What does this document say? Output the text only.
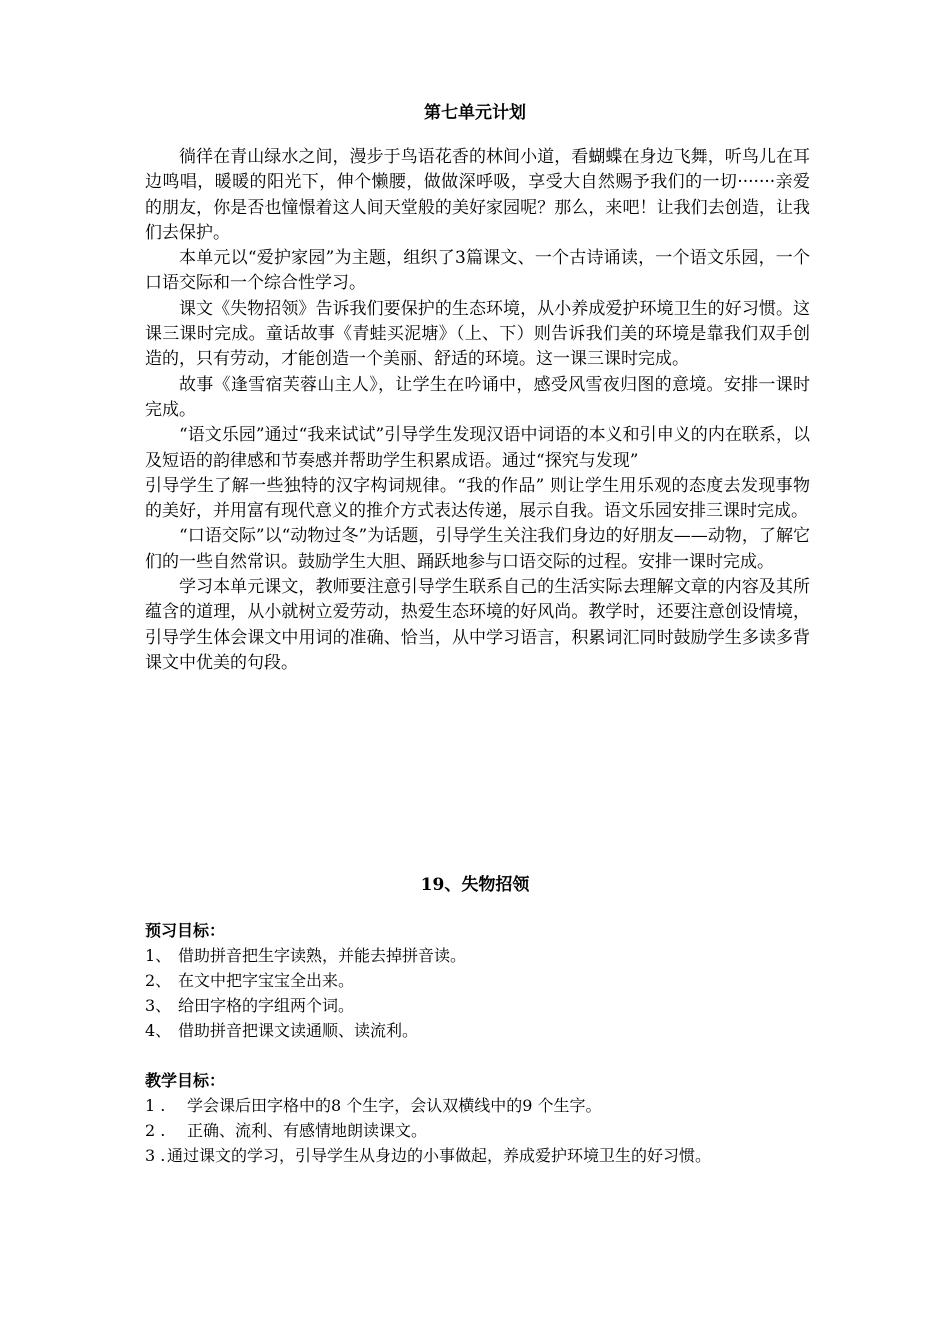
第七单元计划

徜徉在青山绿水之间，漫步于鸟语花香的林间小道，看蝴蝶在身边飞舞，听鸟儿在耳边鸣唱，暖暖的阳光下，伸个懒腰，做做深呼吸，享受大自然赐予我们的一切·······亲爱的朋友，你是否也憧憬着这人间天堂般的美好家园呢？那么，来吧！让我们去创造，让我们去保护。

本单元以“爱护家园”为主题，组织了3篇课文、一个古诗诵读，一个语文乐园，一个口语交际和一个综合性学习。

课文《失物招领》告诉我们要保护的生态环境，从小养成爱护环境卫生的好习惯。这课三课时完成。童话故事《青蛙买泥塘》（上、下）则告诉我们美的环境是靠我们双手创造的，只有劳动，才能创造一个美丽、舒适的环境。这一课三课时完成。

故事《逢雪宿芙蓉山主人》，让学生在吟诵中，感受风雪夜归图的意境。安排一课时完成。

“语文乐园”通过“我来试试”引导学生发现汉语中词语的本义和引申义的内在联系，以及短语的韵律感和节奏感并帮助学生积累成语。通过“探究与发现”

引导学生了解一些独特的汉字构词规律。“我的作品” 则让学生用乐观的态度去发现事物的美好，并用富有现代意义的推介方式表达传递，展示自我。语文乐园安排三课时完成。

“口语交际”以“动物过冬”为话题，引导学生关注我们身边的好朋友——动物，了解它们的一些自然常识。鼓励学生大胆、踊跃地参与口语交际的过程。安排一课时完成。

学习本单元课文，教师要注意引导学生联系自己的生活实际去理解文章的内容及其所蕴含的道理，从小就树立爱劳动，热爱生态环境的好风尚。教学时，还要注意创设情境，引导学生体会课文中用词的准确、恰当，从中学习语言，积累词汇同时鼓励学生多读多背课文中优美的句段。

19、失物招领

预习目标：

1、 借助拼音把生字读熟，并能去掉拼音读。
2、 在文中把字宝宝全出来。
3、 给田字格的字组两个词。
4、 借助拼音把课文读通顺、读流利。

教学目标：

1 . 学会课后田字格中的8 个生字，会认双横线中的9 个生字。
2 . 正确、流利、有感情地朗读课文。
3 . 通过课文的学习，引导学生从身边的小事做起，养成爱护环境卫生的好习惯。
